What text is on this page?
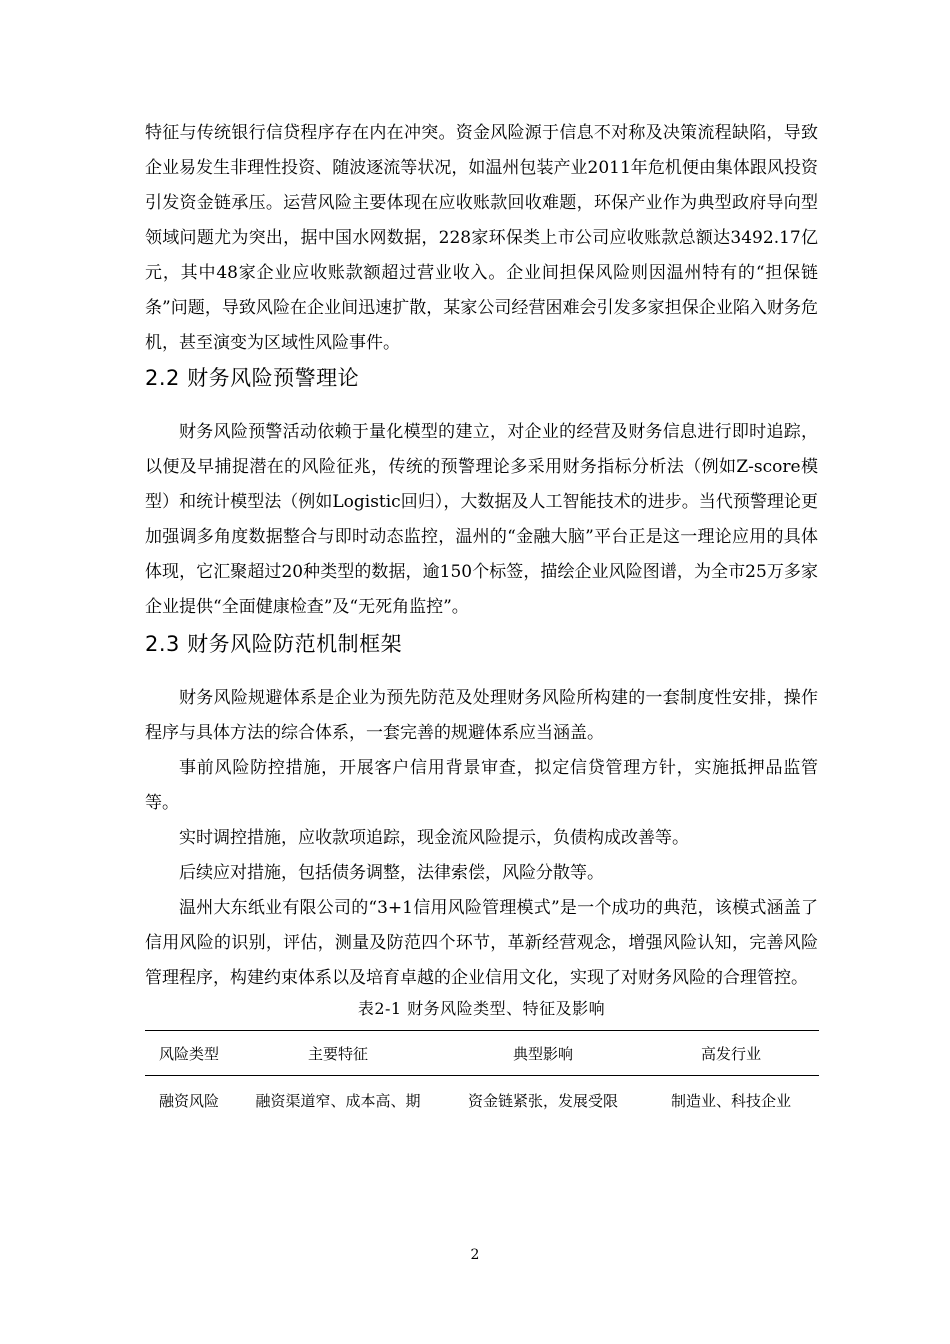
特征与传统银行信贷程序存在内在冲突。资金风险源于信息不对称及决策流程缺陷，导致企业易发生非理性投资、随波逐流等状况，如温州包装产业2011年危机便由集体跟风投资引发资金链承压。运营风险主要体现在应收账款回收难题，环保产业作为典型政府导向型领域问题尤为突出，据中国水网数据，228家环保类上市公司应收账款总额达3492.17亿元，其中48家企业应收账款额超过营业收入。企业间担保风险则因温州特有的“担保链条”问题，导致风险在企业间迅速扩散，某家公司经营困难会引发多家担保企业陷入财务危机，甚至演变为区域性风险事件。

2.2 财务风险预警理论

财务风险预警活动依赖于量化模型的建立，对企业的经营及财务信息进行即时追踪，以便及早捕捉潜在的风险征兆，传统的预警理论多采用财务指标分析法（例如Z-score模型）和统计模型法（例如Logistic回归），大数据及人工智能技术的进步。当代预警理论更加强调多角度数据整合与即时动态监控，温州的“金融大脑”平台正是这一理论应用的具体体现，它汇聚超过20种类型的数据，逾150个标签，描绘企业风险图谱，为全市25万多家企业提供“全面健康检查”及“无死角监控”。

2.3 财务风险防范机制框架

财务风险规避体系是企业为预先防范及处理财务风险所构建的一套制度性安排，操作程序与具体方法的综合体系，一套完善的规避体系应当涵盖。

事前风险防控措施，开展客户信用背景审查，拟定信贷管理方针，实施抵押品监管等。

实时调控措施，应收款项追踪，现金流风险提示，负债构成改善等。

后续应对措施，包括债务调整，法律索偿，风险分散等。

温州大东纸业有限公司的“3+1信用风险管理模式”是一个成功的典范，该模式涵盖了信用风险的识别，评估，测量及防范四个环节，革新经营观念，增强风险认知，完善风险管理程序，构建约束体系以及培育卓越的企业信用文化，实现了对财务风险的合理管控。

表2-1 财务风险类型、特征及影响
风险类型	主要特征	典型影响	高发行业
融资风险	融资渠道窄、成本高、期	资金链紧张，发展受限	制造业、科技企业
2
